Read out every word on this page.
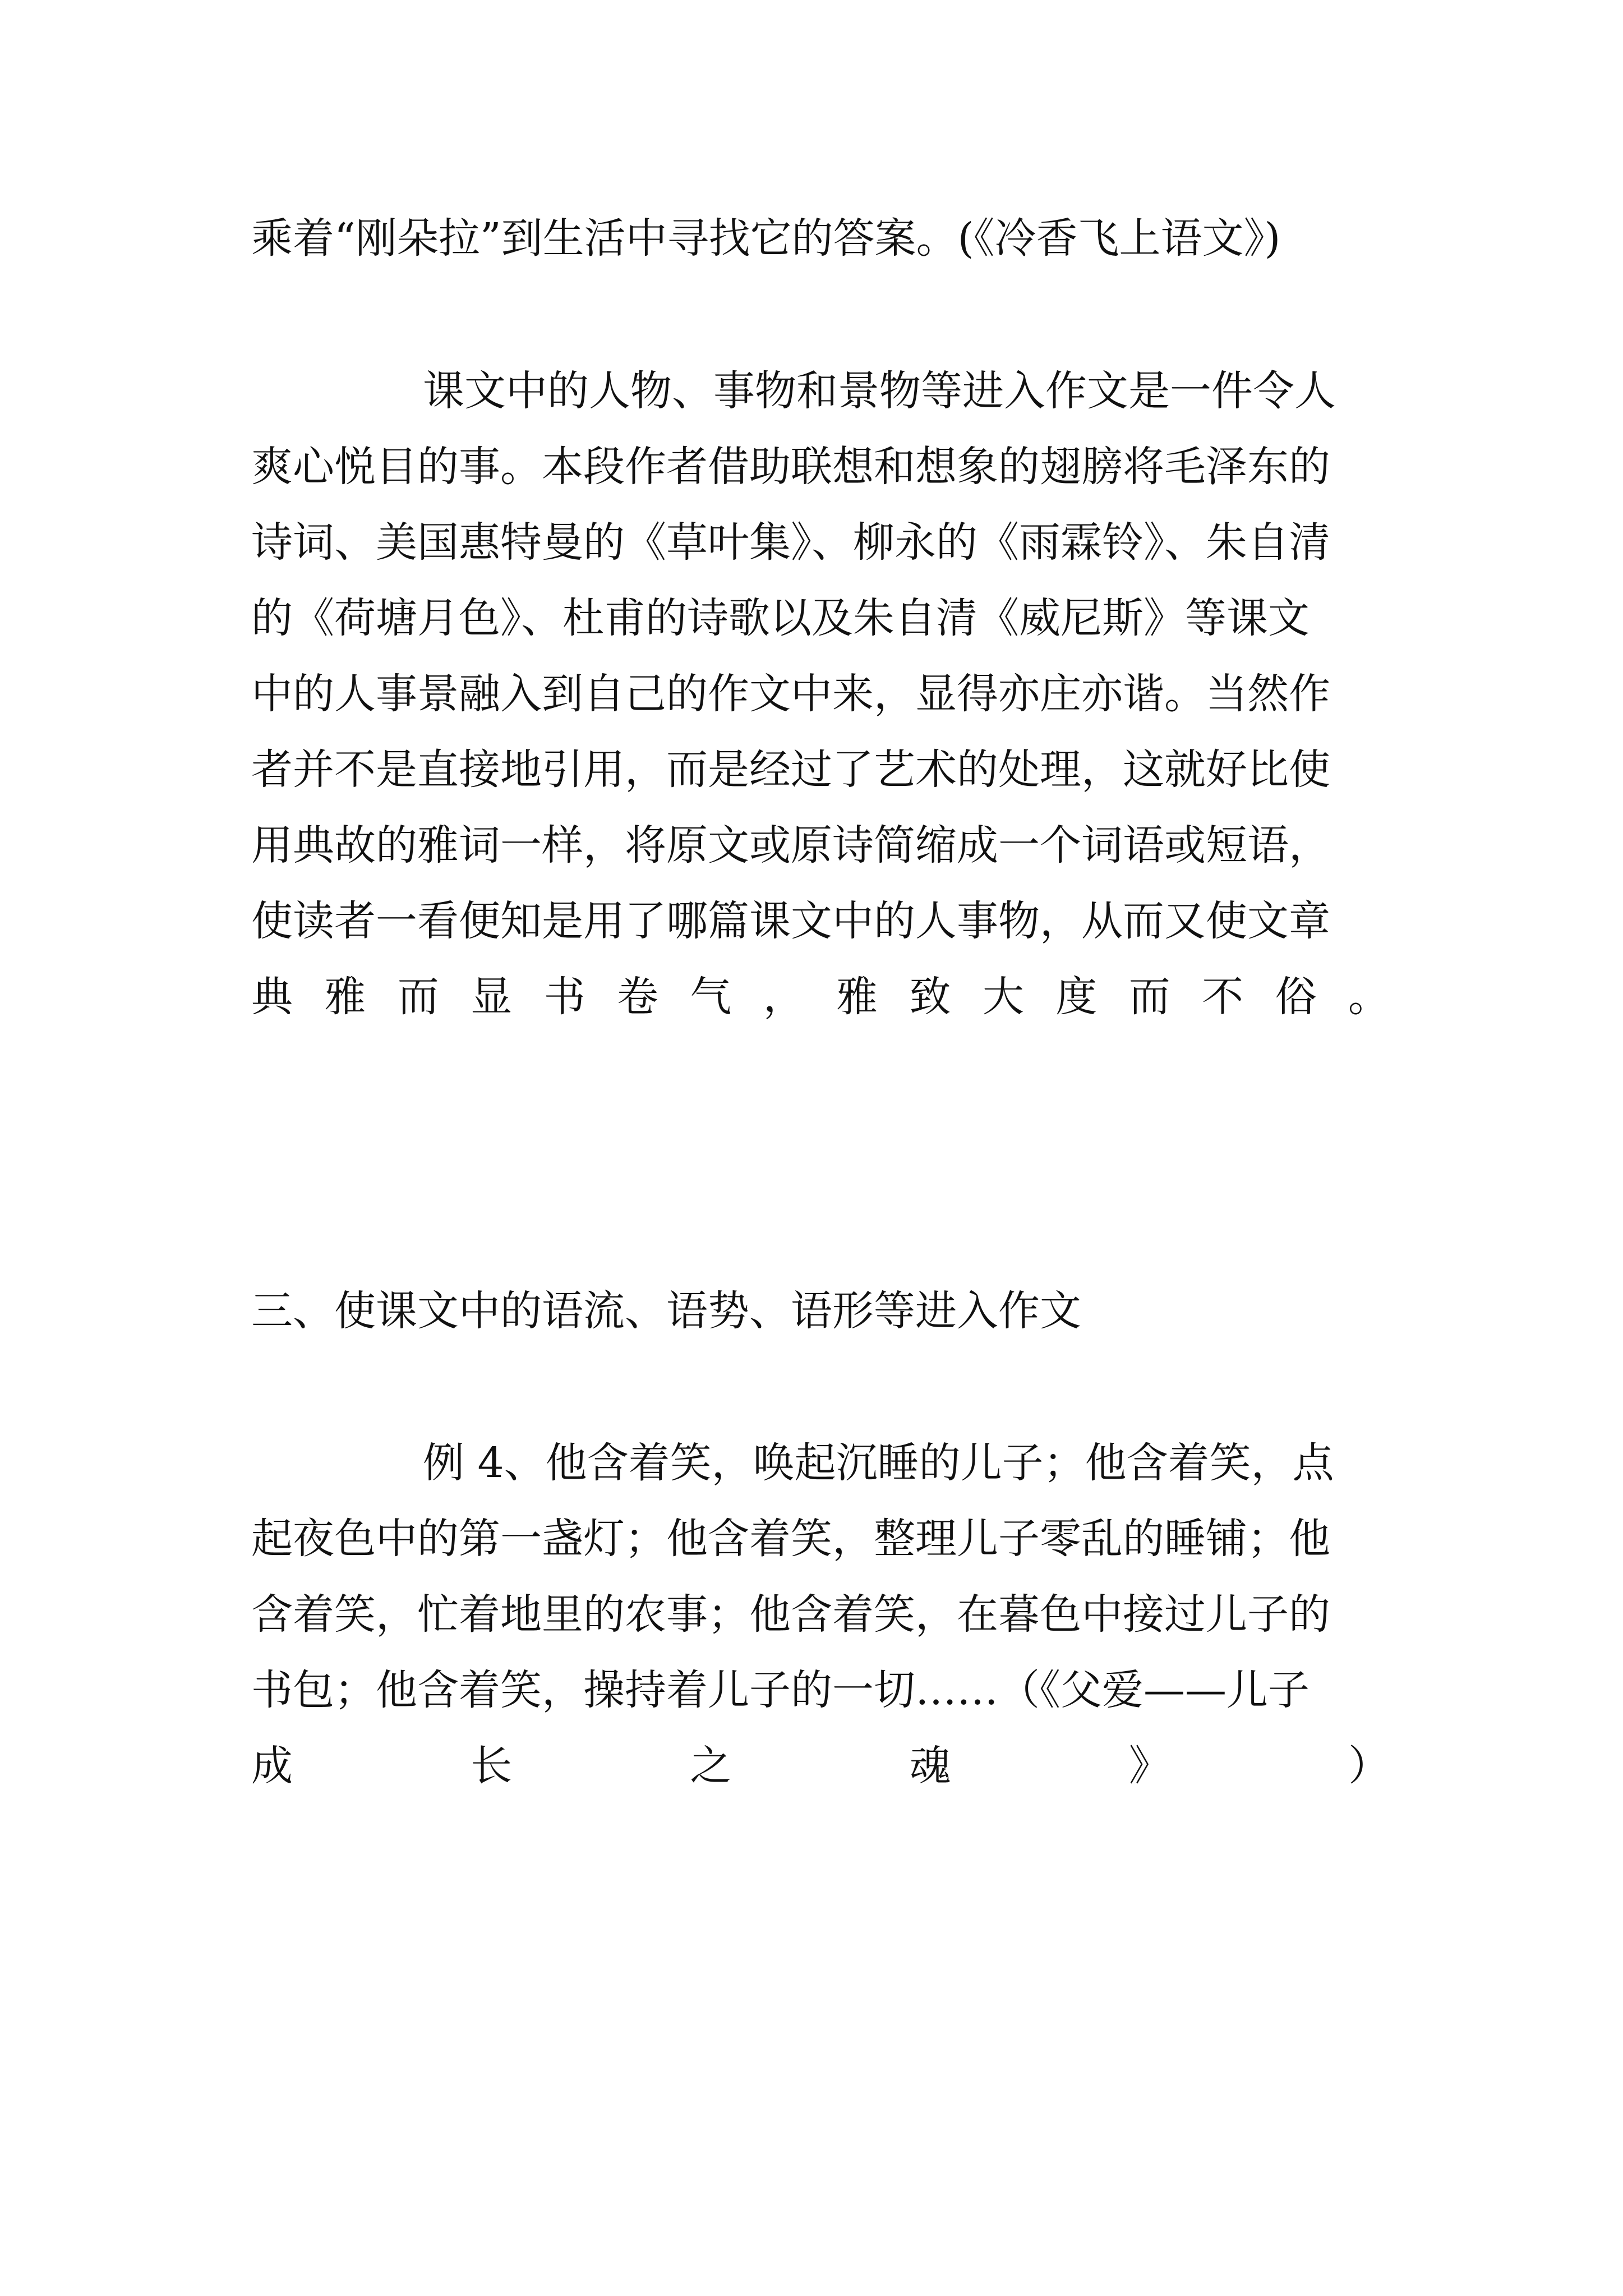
乘着“刚朵拉”到生活中寻找它的答案。(《冷香飞上语文》)
课文中的人物、事物和景物等进入作文是一件令人
爽心悦目的事。本段作者借助联想和想象的翅膀将毛泽东的
诗词、美国惠特曼的《草叶集》、柳永的《雨霖铃》、朱自清
的《荷塘月色》、杜甫的诗歌以及朱自清《威尼斯》等课文
中的人事景融入到自己的作文中来，显得亦庄亦谐。当然作
者并不是直接地引用，而是经过了艺术的处理，这就好比使
用典故的雅词一样，将原文或原诗简缩成一个词语或短语，
使读者一看便知是用了哪篇课文中的人事物，从而又使文章
典 雅 而 显 书 卷 气 ， 雅 致 大 度 而 不 俗 。
三、使课文中的语流、语势、语形等进入作文
例 4、他含着笑，唤起沉睡的儿子；他含着笑，点
起夜色中的第一盏灯；他含着笑，整理儿子零乱的睡铺；他
含着笑，忙着地里的农事；他含着笑，在暮色中接过儿子的
书包；他含着笑，操持着儿子的一切……（《父爱——儿子
成	长	之	魂	》	）
